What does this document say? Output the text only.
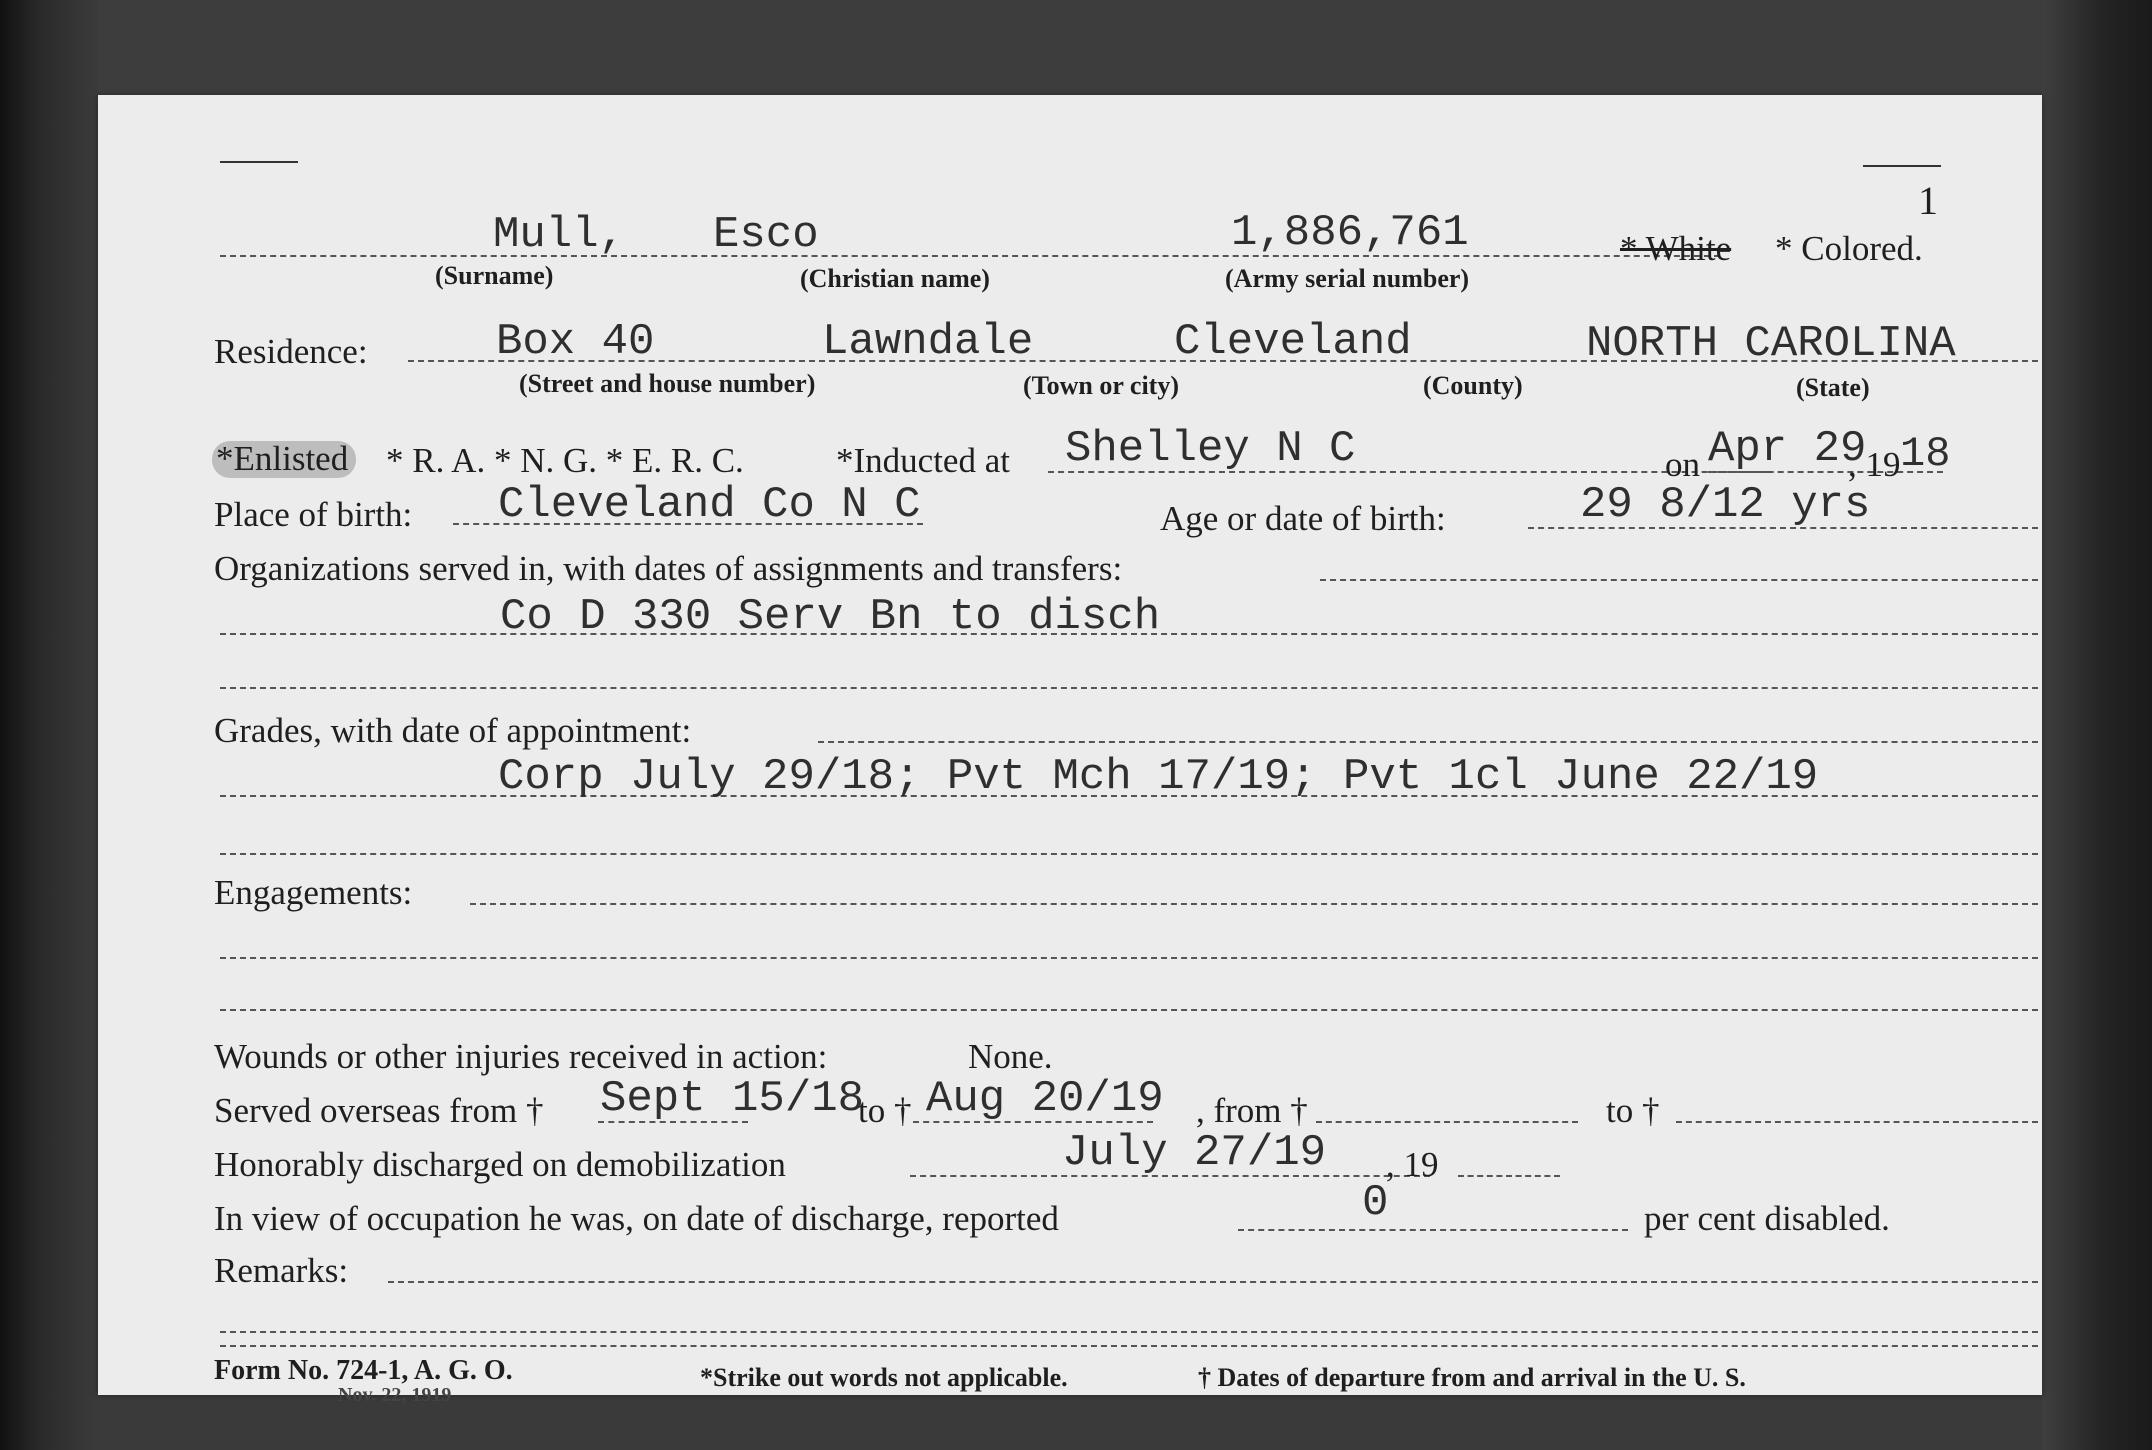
1
Mull, Esco	1,886,761	* White * Colored.
(Surname)	(Christian name)	(Army serial number)
Residence:	Box 40	Lawndale	Cleveland	NORTH CAROLINA
(Street and house number)	(Town or city)	(County)	(State)
*Enlisted * R. A. * N. G. * E. R. C.	*Inducted at Shelley N C	on Apr 29
, 19 18
Place of birth: Cleveland Co N C	Age or date of birth:	29 8/12 yrs
Organizations served in, with dates of assignments and transfers:
Co D 330 Serv Bn to disch
Grades, with date of appointment:
Corp July 29/18; Pvt Mch 17/19; Pvt 1cl June 22/19
Engagements:
Wounds or other injuries received in action:	None.
Served overseas from † Sept 15/18
to † Aug 20/19 , from †	to †
Honorably discharged on demobilization	July 27/19 , 19
In view of occupation he was, on date of discharge, reported	0	per cent disabled.
Remarks:
Form No. 724-1, A. G. O.
Nov. 22, 1919
*Strike out words not applicable.	† Dates of departure from and arrival in the U. S.
